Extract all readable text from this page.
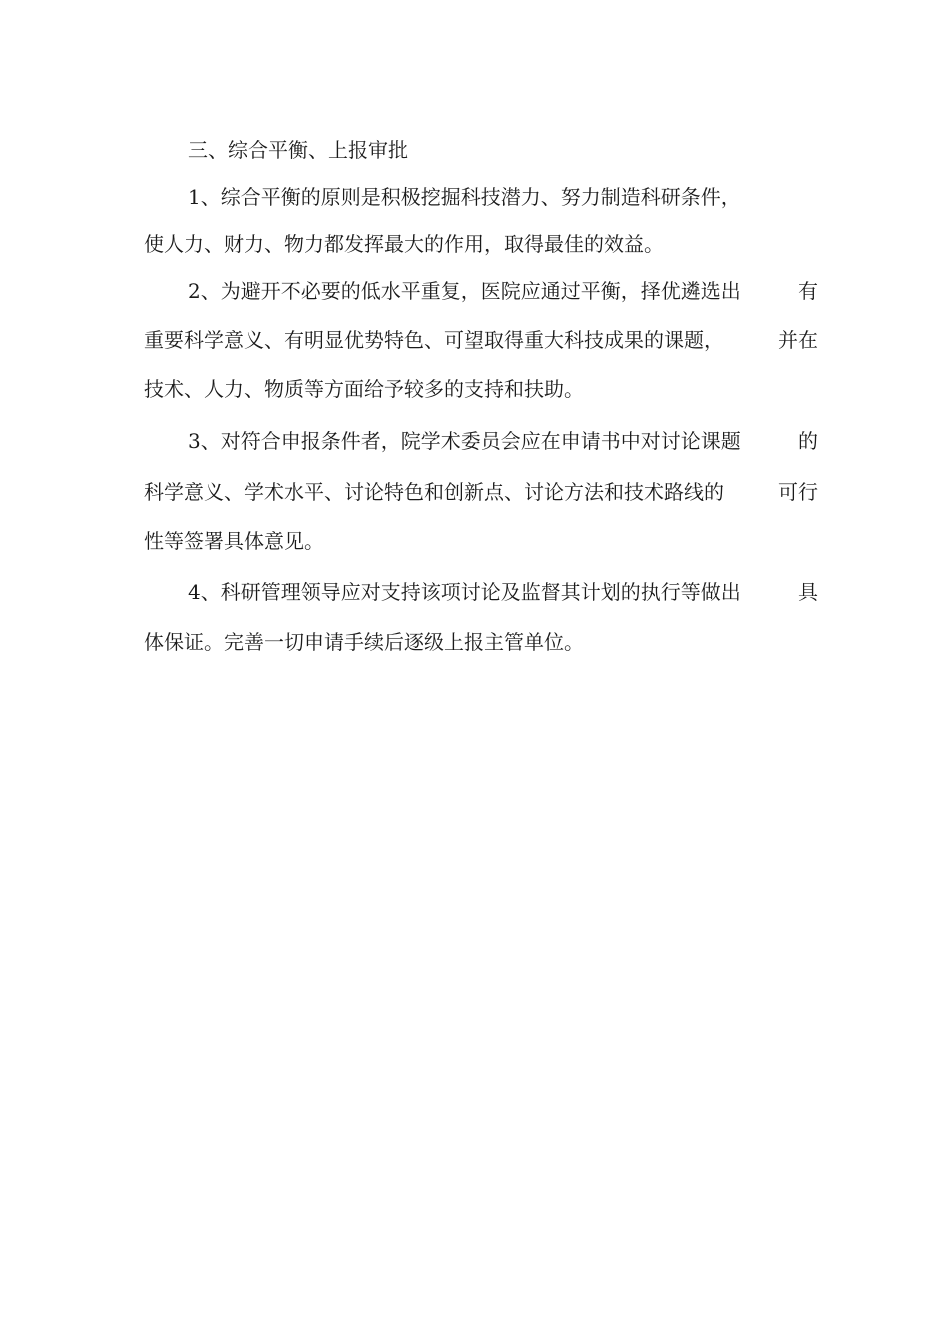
三、综合平衡、上报审批
1、综合平衡的原则是积极挖掘科技潜力、努力制造科研条件，
使人力、财力、物力都发挥最大的作用，取得最佳的效益。
2、为避开不必要的低水平重复，医院应通过平衡，择优遴选出	有
重要科学意义、有明显优势特色、可望取得重大科技成果的课题，	并在
技术、人力、物质等方面给予较多的支持和扶助。
3、对符合申报条件者，院学术委员会应在申请书中对讨论课题	的
科学意义、学术水平、讨论特色和创新点、讨论方法和技术路线的	可行
性等签署具体意见。
4、科研管理领导应对支持该项讨论及监督其计划的执行等做出	具
体保证。完善一切申请手续后逐级上报主管单位。
